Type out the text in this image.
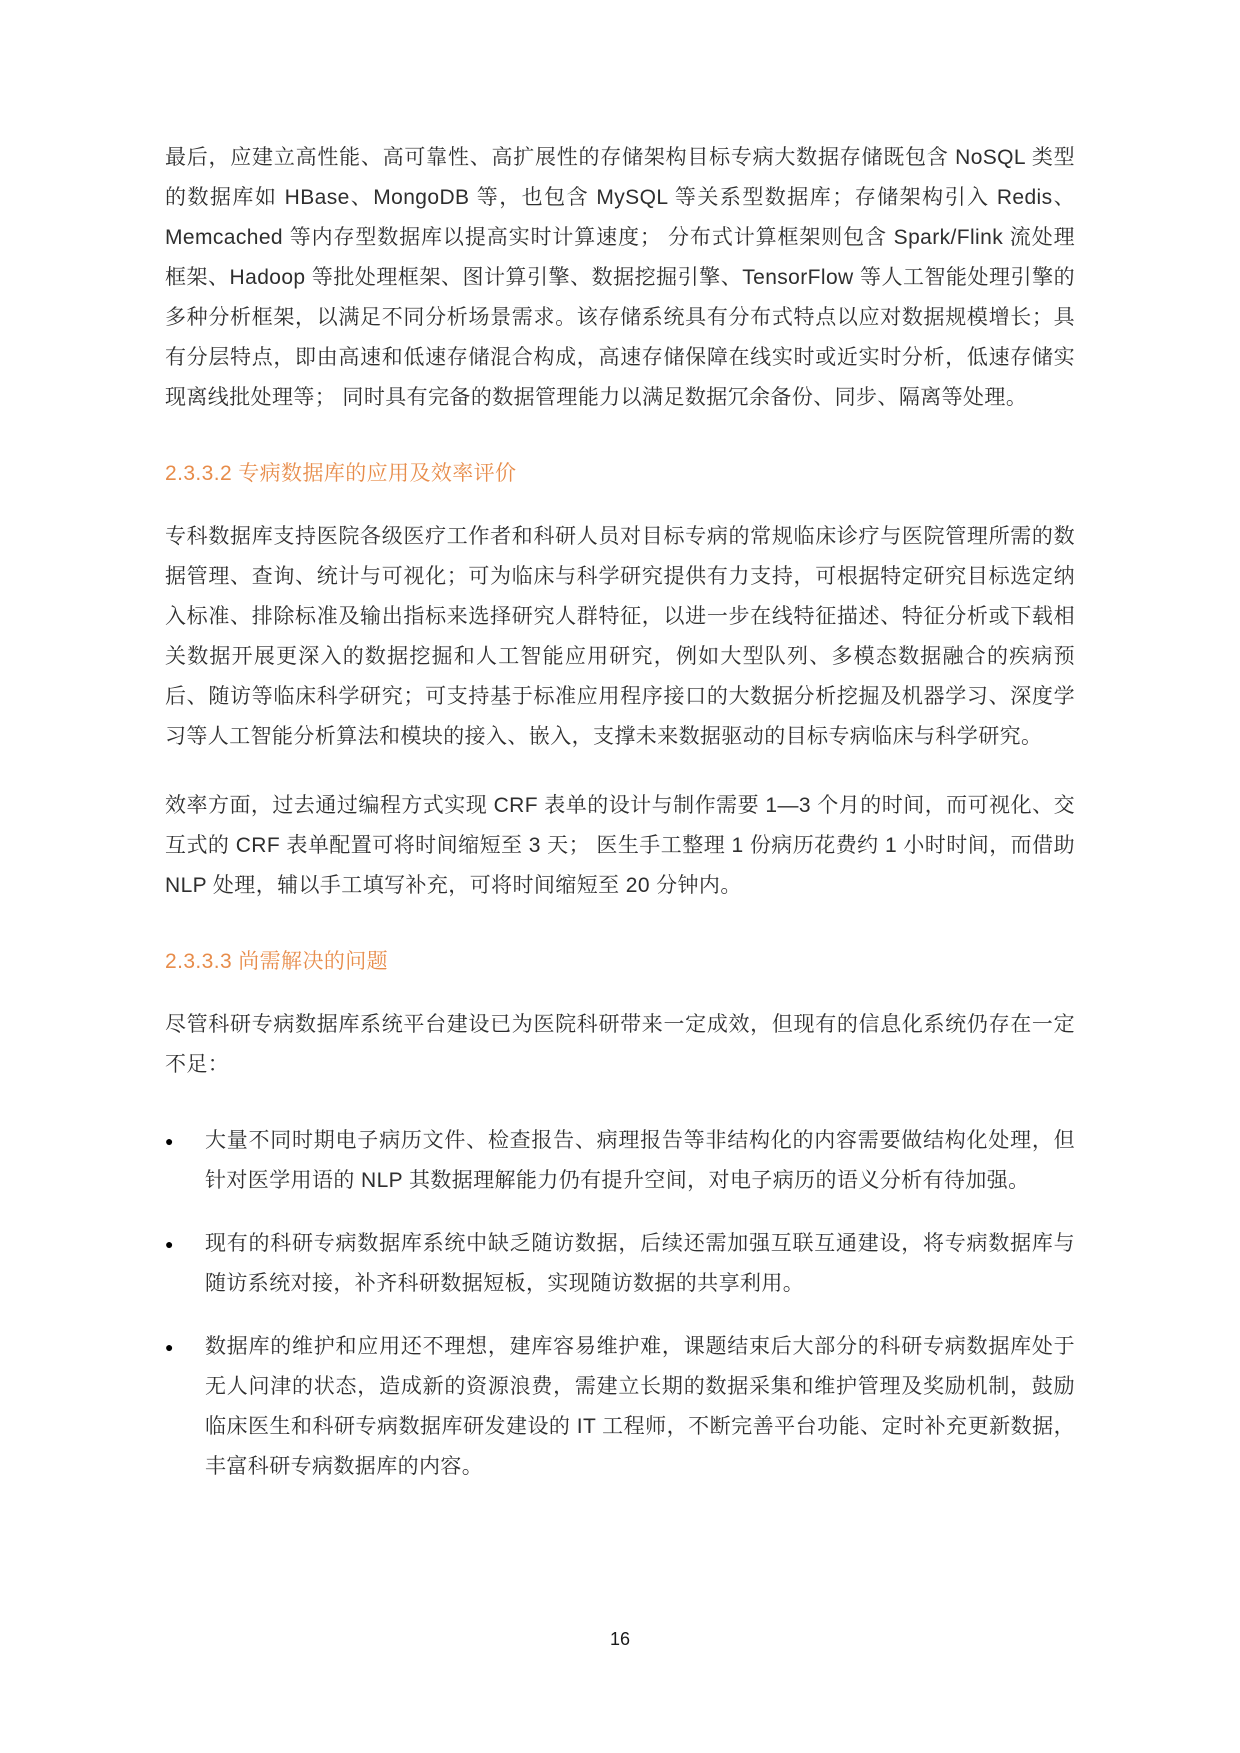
最后，应建立高性能、高可靠性、高扩展性的存储架构目标专病大数据存储既包含 NoSQL 类型的数据库如 HBase、MongoDB 等，也包含 MySQL 等关系型数据库；存储架构引入 Redis、Memcached 等内存型数据库以提高实时计算速度； 分布式计算框架则包含 Spark/Flink 流处理框架、Hadoop 等批处理框架、图计算引擎、数据挖掘引擎、TensorFlow 等人工智能处理引擎的多种分析框架，以满足不同分析场景需求。该存储系统具有分布式特点以应对数据规模增长；具有分层特点，即由高速和低速存储混合构成，高速存储保障在线实时或近实时分析，低速存储实现离线批处理等； 同时具有完备的数据管理能力以满足数据冗余备份、同步、隔离等处理。

2.3.3.2 专病数据库的应用及效率评价

专科数据库支持医院各级医疗工作者和科研人员对目标专病的常规临床诊疗与医院管理所需的数据管理、查询、统计与可视化；可为临床与科学研究提供有力支持，可根据特定研究目标选定纳入标准、排除标准及输出指标来选择研究人群特征，以进一步在线特征描述、特征分析或下载相关数据开展更深入的数据挖掘和人工智能应用研究，例如大型队列、多模态数据融合的疾病预后、随访等临床科学研究；可支持基于标准应用程序接口的大数据分析挖掘及机器学习、深度学习等人工智能分析算法和模块的接入、嵌入，支撑未来数据驱动的目标专病临床与科学研究。

效率方面，过去通过编程方式实现 CRF 表单的设计与制作需要 1—3 个月的时间，而可视化、交互式的 CRF 表单配置可将时间缩短至 3 天； 医生手工整理 1 份病历花费约 1 小时时间，而借助 NLP 处理，辅以手工填写补充，可将时间缩短至 20 分钟内。

2.3.3.3 尚需解决的问题

尽管科研专病数据库系统平台建设已为医院科研带来一定成效，但现有的信息化系统仍存在一定不足：

●	大量不同时期电子病历文件、检查报告、病理报告等非结构化的内容需要做结构化处理，但针对医学用语的 NLP 其数据理解能力仍有提升空间，对电子病历的语义分析有待加强。
●	现有的科研专病数据库系统中缺乏随访数据，后续还需加强互联互通建设，将专病数据库与随访系统对接，补齐科研数据短板，实现随访数据的共享利用。
●	数据库的维护和应用还不理想，建库容易维护难，课题结束后大部分的科研专病数据库处于无人问津的状态，造成新的资源浪费，需建立长期的数据采集和维护管理及奖励机制，鼓励临床医生和科研专病数据库研发建设的 IT 工程师，不断完善平台功能、定时补充更新数据，丰富科研专病数据库的内容。
16
